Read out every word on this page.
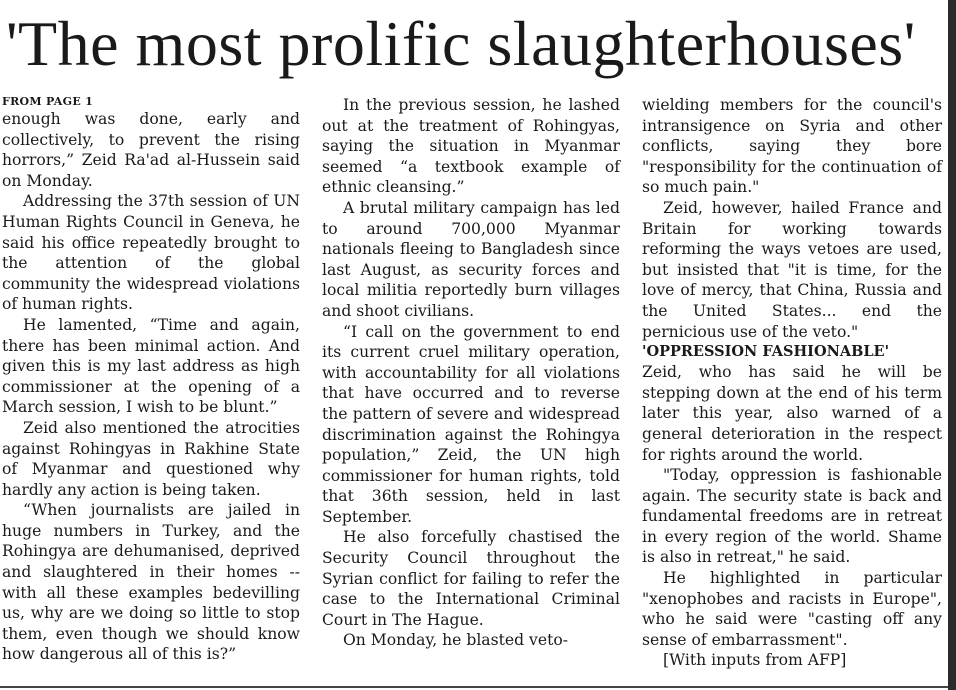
'The most prolific slaughterhouses'
FROM PAGE 1

enough was done, early and collectively, to prevent the rising horrors,” Zeid Ra'ad al-Hussein said on Monday.

Addressing the 37th session of UN Human Rights Council in Geneva, he said his office repeatedly brought to the attention of the global community the widespread violations of human rights.

He lamented, “Time and again, there has been minimal action. And given this is my last address as high commissioner at the opening of a March session, I wish to be blunt.”

Zeid also mentioned the atrocities against Rohingyas in Rakhine State of Myanmar and questioned why hardly any action is being taken.

“When journalists are jailed in huge numbers in Turkey, and the Rohingya are dehumanised, deprived and slaughtered in their homes -- with all these examples bedevilling us, why are we doing so little to stop them, even though we should know how dangerous all of this is?”

In the previous session, he lashed out at the treatment of Rohingyas, saying the situation in Myanmar seemed “a textbook example of ethnic cleansing.”

A brutal military campaign has led to around 700,000 Myanmar nationals fleeing to Bangladesh since last August, as security forces and local militia reportedly burn villages and shoot civilians.

“I call on the government to end its current cruel military operation, with accountability for all violations that have occurred and to reverse the pattern of severe and widespread discrimination against the Rohingya population,” Zeid, the UN high commissioner for human rights, told that 36th session, held in last September.

He also forcefully chastised the Security Council throughout the Syrian conflict for failing to refer the case to the International Criminal Court in The Hague.

On Monday, he blasted veto-

wielding members for the council's intransigence on Syria and other conflicts, saying they bore "responsibility for the continuation of so much pain."

Zeid, however, hailed France and Britain for working towards reforming the ways vetoes are used, but insisted that "it is time, for the love of mercy, that China, Russia and the United States... end the pernicious use of the veto."

'OPPRESSION FASHIONABLE'

Zeid, who has said he will be stepping down at the end of his term later this year, also warned of a general deterioration in the respect for rights around the world.

"Today, oppression is fashionable again. The security state is back and fundamental freedoms are in retreat in every region of the world. Shame is also in retreat," he said.

He highlighted in particular "xenophobes and racists in Europe", who he said were "casting off any sense of embarrassment".

[With inputs from AFP]
